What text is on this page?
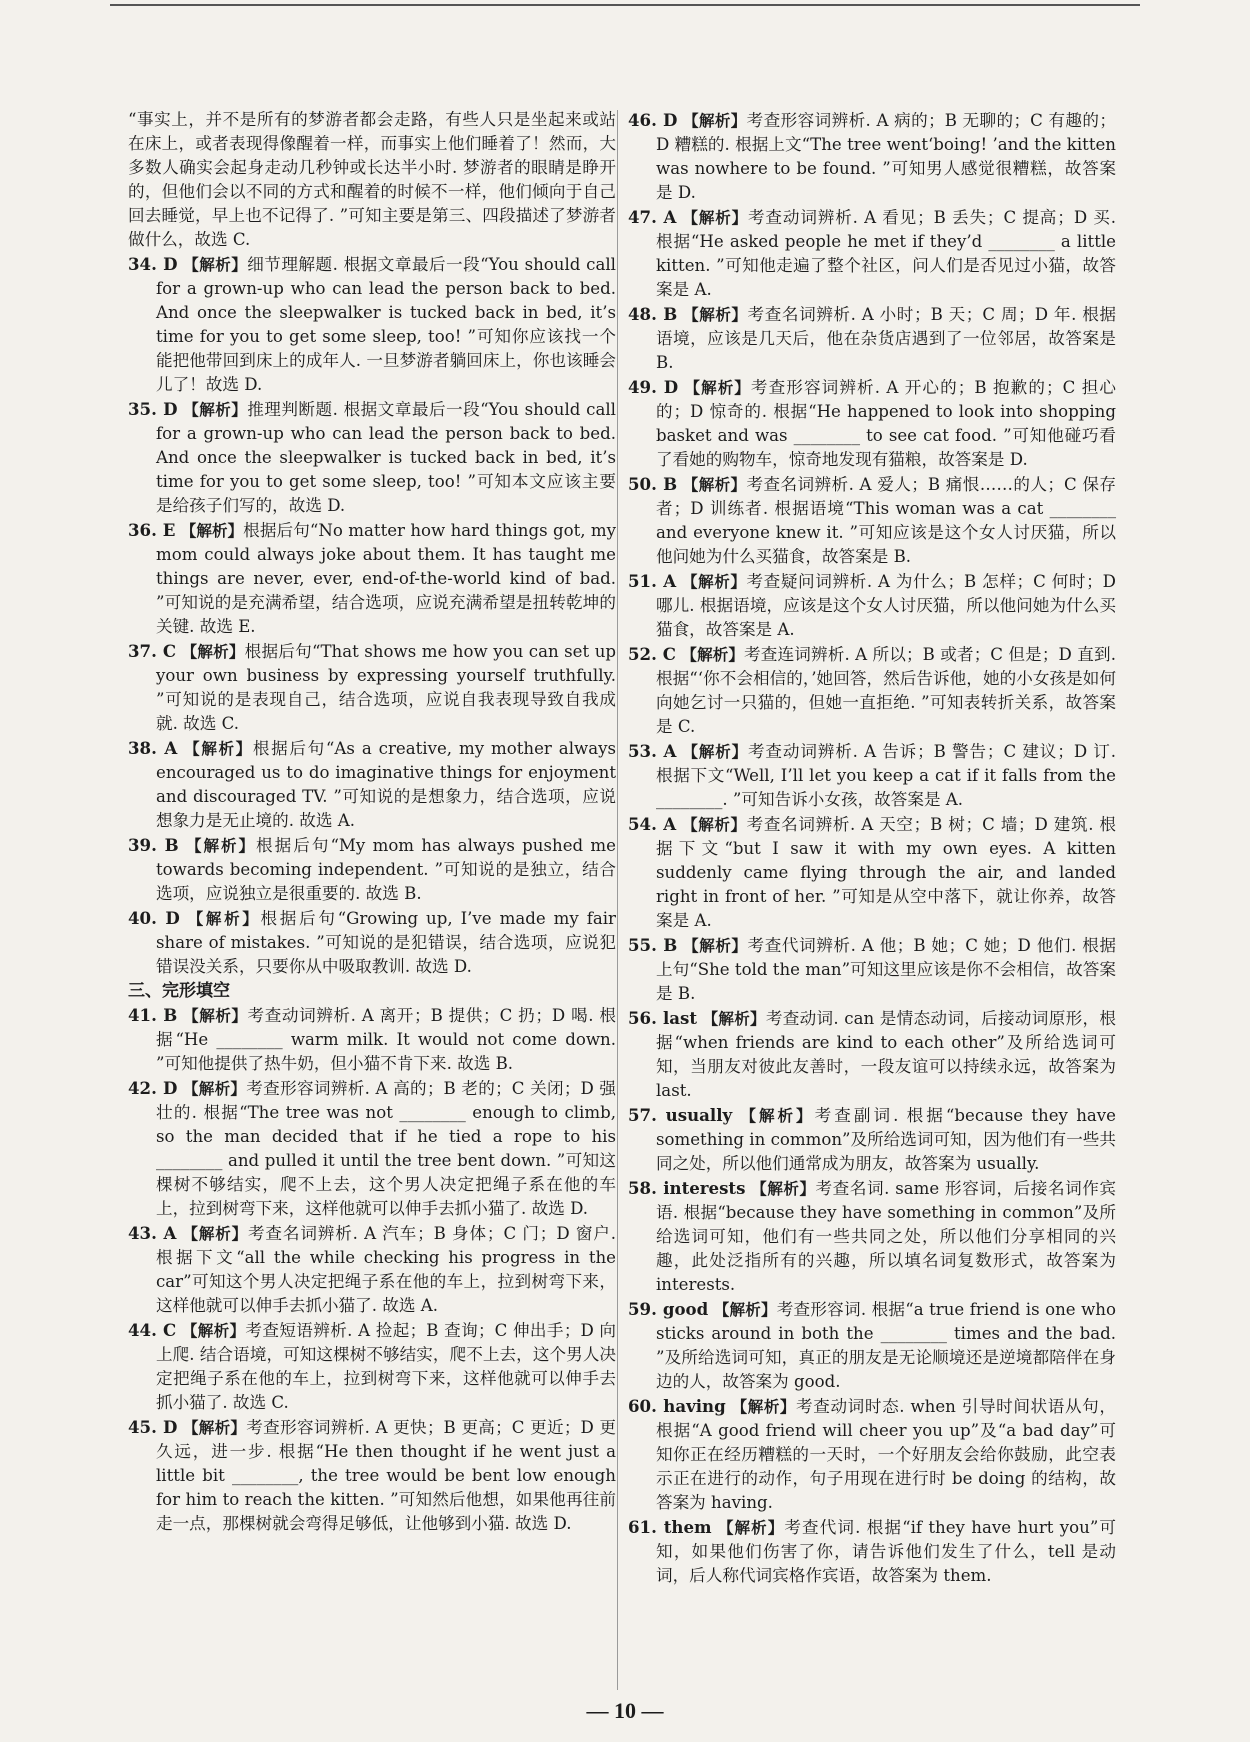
“事实上，并不是所有的梦游者都会走路，有些人只是坐起来或站在床上，或者表现得像醒着一样，而事实上他们睡着了！然而，大多数人确实会起身走动几秒钟或长达半小时. 梦游者的眼睛是睁开的，但他们会以不同的方式和醒着的时候不一样，他们倾向于自己回去睡觉，早上也不记得了. ”可知主要是第三、四段描述了梦游者做什么，故选 C.

34. D 【解析】细节理解题. 根据文章最后一段“You should call for a grown-up who can lead the person back to bed. And once the sleepwalker is tucked back in bed, it’s time for you to get some sleep, too! ”可知你应该找一个能把他带回到床上的成年人. 一旦梦游者躺回床上，你也该睡会儿了！故选 D.

35. D 【解析】推理判断题. 根据文章最后一段“You should call for a grown-up who can lead the person back to bed. And once the sleepwalker is tucked back in bed, it’s time for you to get some sleep, too! ”可知本文应该主要是给孩子们写的，故选 D.

36. E 【解析】根据后句“No matter how hard things got, my mom could always joke about them. It has taught me things are never, ever, end-of-the-world kind of bad. ”可知说的是充满希望，结合选项，应说充满希望是扭转乾坤的关键. 故选 E.

37. C 【解析】根据后句“That shows me how you can set up your own business by expressing yourself truthfully. ”可知说的是表现自己，结合选项，应说自我表现导致自我成就. 故选 C.

38. A 【解析】根据后句“As a creative, my mother always encouraged us to do imaginative things for enjoyment and discouraged TV. ”可知说的是想象力，结合选项，应说想象力是无止境的. 故选 A.

39. B 【解析】根据后句“My mom has always pushed me towards becoming independent. ”可知说的是独立，结合选项，应说独立是很重要的. 故选 B.

40. D 【解析】根据后句“Growing up, I’ve made my fair share of mistakes. ”可知说的是犯错误，结合选项，应说犯错误没关系，只要你从中吸取教训. 故选 D.

三、完形填空

41. B 【解析】考查动词辨析. A 离开；B 提供；C 扔；D 喝. 根据“He ________ warm milk. It would not come down. ”可知他提供了热牛奶，但小猫不肯下来. 故选 B.

42. D 【解析】考查形容词辨析. A 高的；B 老的；C 关闭；D 强壮的. 根据“The tree was not ________ enough to climb, so the man decided that if he tied a rope to his ________ and pulled it until the tree bent down. ”可知这棵树不够结实，爬不上去，这个男人决定把绳子系在他的车上，拉到树弯下来，这样他就可以伸手去抓小猫了. 故选 D.

43. A 【解析】考查名词辨析. A 汽车；B 身体；C 门；D 窗户. 根据下文“all the while checking his progress in the car”可知这个男人决定把绳子系在他的车上，拉到树弯下来，这样他就可以伸手去抓小猫了. 故选 A.

44. C 【解析】考查短语辨析. A 捡起；B 查询；C 伸出手；D 向上爬. 结合语境，可知这棵树不够结实，爬不上去，这个男人决定把绳子系在他的车上，拉到树弯下来，这样他就可以伸手去抓小猫了. 故选 C.

45. D 【解析】考查形容词辨析. A 更快；B 更高；C 更近；D 更久远，进一步. 根据“He then thought if he went just a little bit ________, the tree would be bent low enough for him to reach the kitten. ”可知然后他想，如果他再往前走一点，那棵树就会弯得足够低，让他够到小猫. 故选 D.

46. D 【解析】考查形容词辨析. A 病的；B 无聊的；C 有趣的；D 糟糕的. 根据上文“The tree went‘boing! ’and the kitten was nowhere to be found. ”可知男人感觉很糟糕，故答案是 D.

47. A 【解析】考查动词辨析. A 看见；B 丢失；C 提高；D 买. 根据“He asked people he met if they’d ________ a little kitten. ”可知他走遍了整个社区，问人们是否见过小猫，故答案是 A.

48. B 【解析】考查名词辨析. A 小时；B 天；C 周；D 年. 根据语境，应该是几天后，他在杂货店遇到了一位邻居，故答案是 B.

49. D 【解析】考查形容词辨析. A 开心的；B 抱歉的；C 担心的；D 惊奇的. 根据“He happened to look into shopping basket and was ________ to see cat food. ”可知他碰巧看了看她的购物车，惊奇地发现有猫粮，故答案是 D.

50. B 【解析】考查名词辨析. A 爱人；B 痛恨……的人；C 保存者；D 训练者. 根据语境“This woman was a cat ________ and everyone knew it. ”可知应该是这个女人讨厌猫，所以他问她为什么买猫食，故答案是 B.

51. A 【解析】考查疑问词辨析. A 为什么；B 怎样；C 何时；D 哪儿. 根据语境，应该是这个女人讨厌猫，所以他问她为什么买猫食，故答案是 A.

52. C 【解析】考查连词辨析. A 所以；B 或者；C 但是；D 直到. 根据“‘你不会相信的，’她回答，然后告诉他，她的小女孩是如何向她乞讨一只猫的，但她一直拒绝. ”可知表转折关系，故答案是 C.

53. A 【解析】考查动词辨析. A 告诉；B 警告；C 建议；D 订. 根据下文“Well, I’ll let you keep a cat if it falls from the ________. ”可知告诉小女孩，故答案是 A.

54. A 【解析】考查名词辨析. A 天空；B 树；C 墙；D 建筑. 根据下文“but I saw it with my own eyes. A kitten suddenly came flying through the air, and landed right in front of her. ”可知是从空中落下，就让你养，故答案是 A.

55. B 【解析】考查代词辨析. A 他；B 她；C 她；D 他们. 根据上句“She told the man”可知这里应该是你不会相信，故答案是 B.

56. last 【解析】考查动词. can 是情态动词，后接动词原形，根据“when friends are kind to each other”及所给选词可知，当朋友对彼此友善时，一段友谊可以持续永远，故答案为 last.

57. usually 【解析】考查副词. 根据“because they have something in common”及所给选词可知，因为他们有一些共同之处，所以他们通常成为朋友，故答案为 usually.

58. interests 【解析】考查名词. same 形容词，后接名词作宾语. 根据“because they have something in common”及所给选词可知，他们有一些共同之处，所以他们分享相同的兴趣，此处泛指所有的兴趣，所以填名词复数形式，故答案为 interests.

59. good 【解析】考查形容词. 根据“a true friend is one who sticks around in both the ________ times and the bad. ”及所给选词可知，真正的朋友是无论顺境还是逆境都陪伴在身边的人，故答案为 good.

60. having 【解析】考查动词时态. when 引导时间状语从句，根据“A good friend will cheer you up”及“a bad day”可知你正在经历糟糕的一天时，一个好朋友会给你鼓励，此空表示正在进行的动作，句子用现在进行时 be doing 的结构，故答案为 having.

61. them 【解析】考查代词. 根据“if they have hurt you”可知，如果他们伤害了你，请告诉他们发生了什么，tell 是动词，后人称代词宾格作宾语，故答案为 them.

— 10 —
